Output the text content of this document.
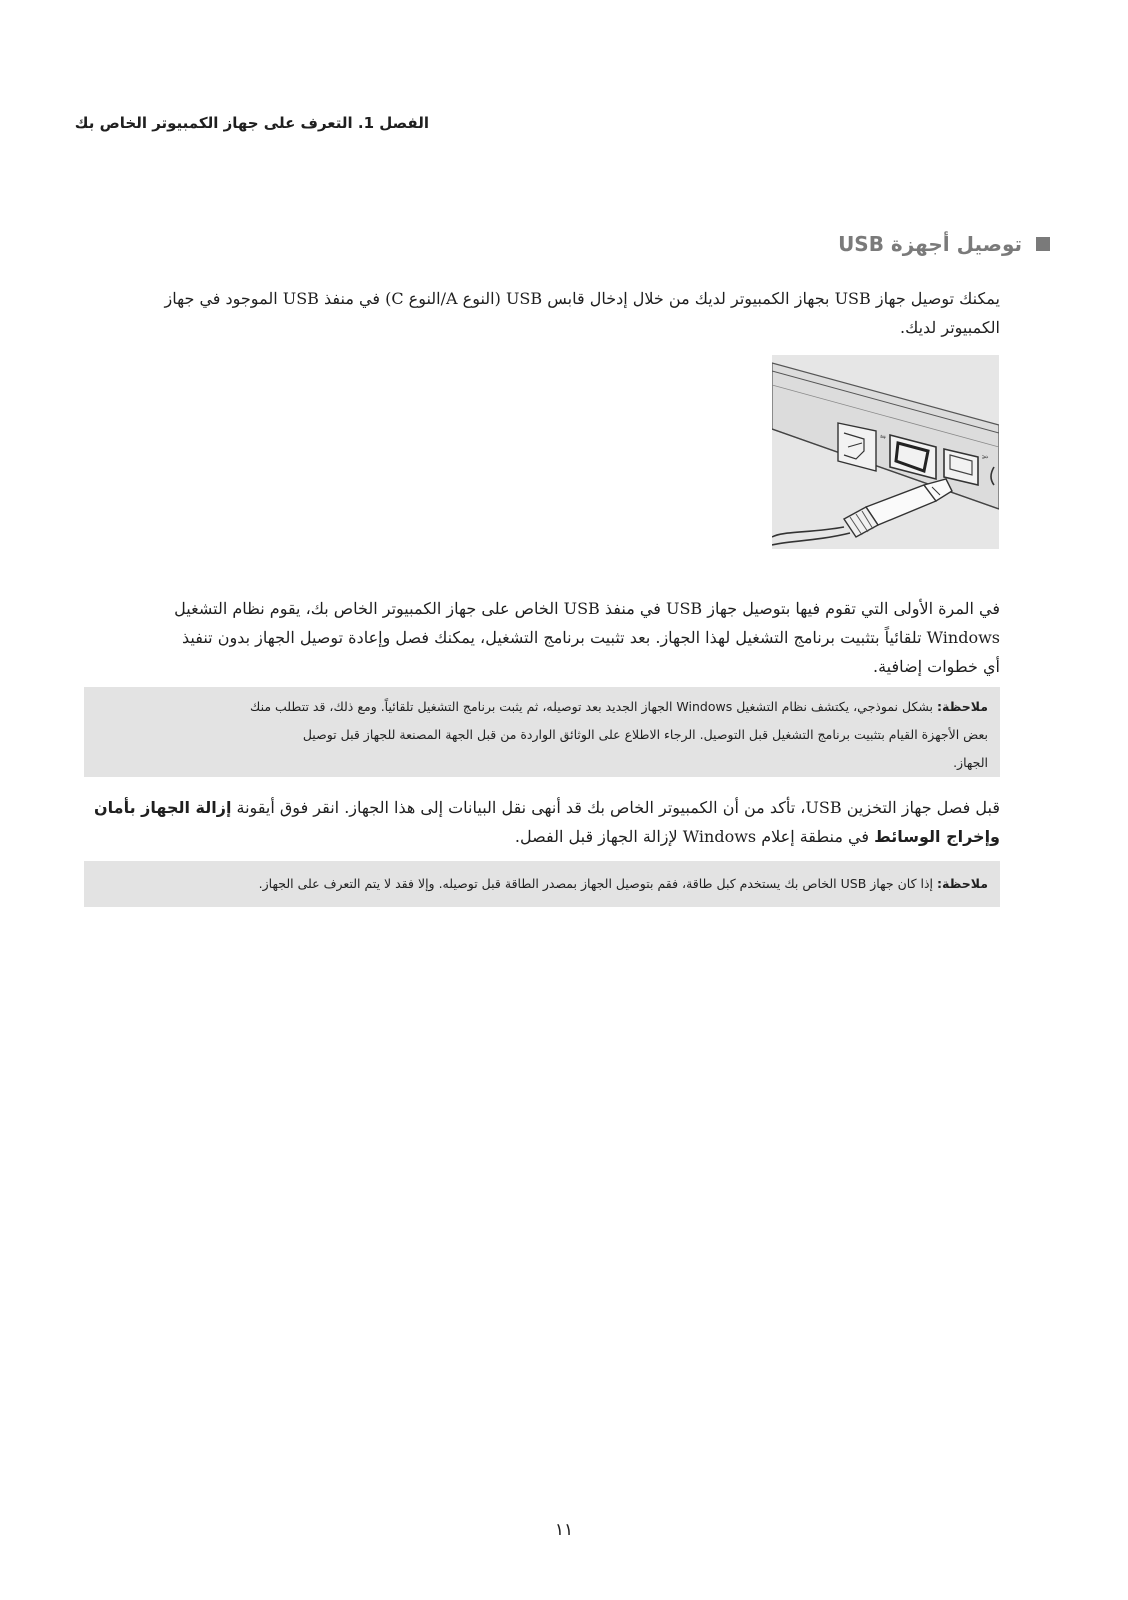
الفصل 1. التعرف على جهاز الكمبيوتر الخاص بك
توصيل أجهزة USB
يمكنك توصيل جهاز USB بجهاز الكمبيوتر لديك من خلال إدخال قابس USB (النوع A/النوع C) في منفذ USB الموجود في جهاز
الكمبيوتر لديك.
⇋
⭃
في المرة الأولى التي تقوم فيها بتوصيل جهاز USB في منفذ USB الخاص على جهاز الكمبيوتر الخاص بك، يقوم نظام التشغيل
Windows تلقائياً بتثبيت برنامج التشغيل لهذا الجهاز. بعد تثبيت برنامج التشغيل، يمكنك فصل وإعادة توصيل الجهاز بدون تنفيذ
أي خطوات إضافية.
ملاحظة: بشكل نموذجي، يكتشف نظام التشغيل Windows الجهاز الجديد بعد توصيله، ثم يثبت برنامج التشغيل تلقائياً. ومع ذلك، قد تتطلب منك
بعض الأجهزة القيام بتثبيت برنامج التشغيل قبل التوصيل. الرجاء الاطلاع على الوثائق الواردة من قبل الجهة المصنعة للجهاز قبل توصيل
الجهاز.
قبل فصل جهاز التخزين USB، تأكد من أن الكمبيوتر الخاص بك قد أنهى نقل البيانات إلى هذا الجهاز. انقر فوق أيقونة إزالة الجهاز بأمان
وإخراج الوسائط في منطقة إعلام Windows لإزالة الجهاز قبل الفصل.
ملاحظة: إذا كان جهاز USB الخاص بك يستخدم كبل طاقة، فقم بتوصيل الجهاز بمصدر الطاقة قبل توصيله. وإلا فقد لا يتم التعرف على الجهاز.
١١
